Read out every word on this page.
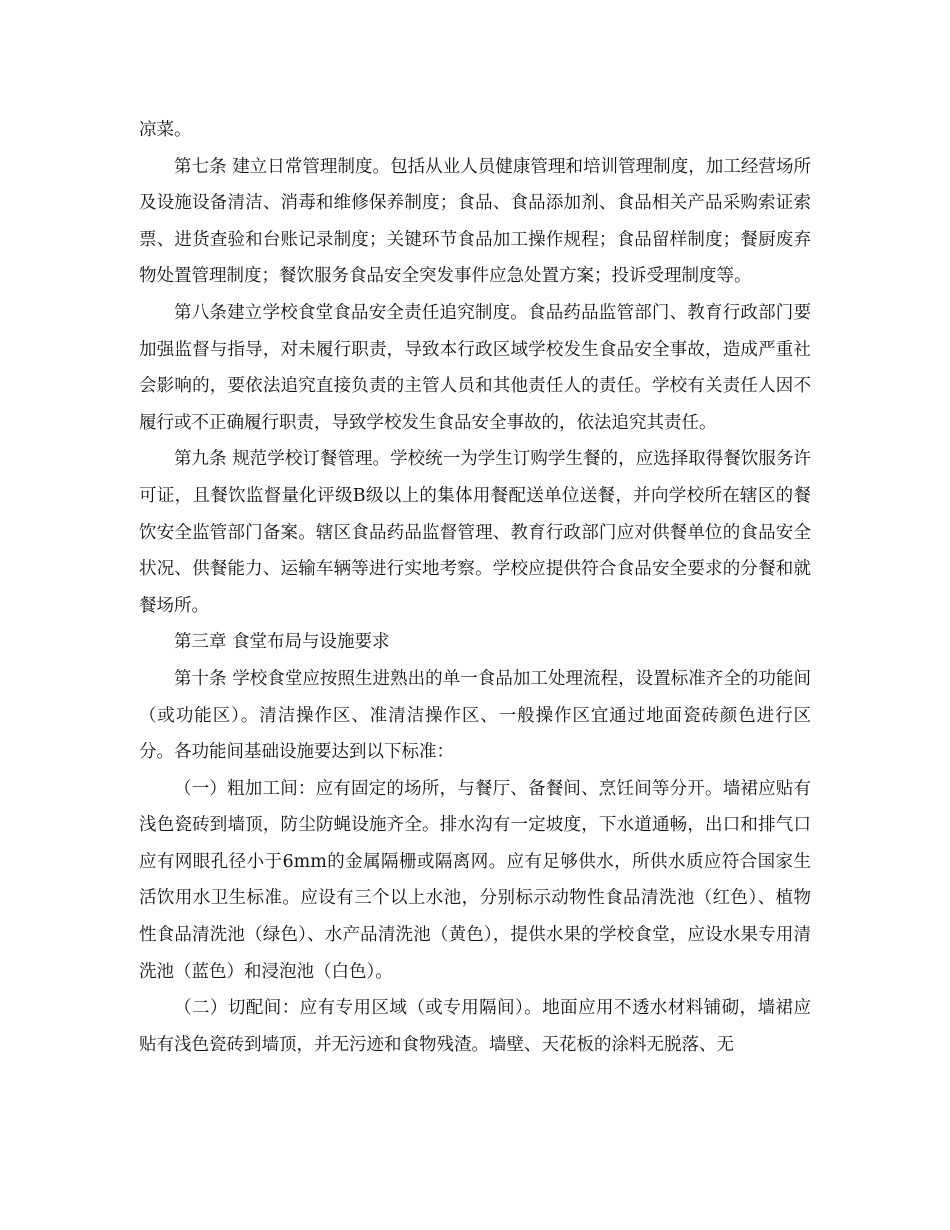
凉菜。

第七条 建立日常管理制度。包括从业人员健康管理和培训管理制度，加工经营场所及设施设备清洁、消毒和维修保养制度；食品、食品添加剂、食品相关产品采购索证索票、进货查验和台账记录制度；关键环节食品加工操作规程；食品留样制度；餐厨废弃物处置管理制度；餐饮服务食品安全突发事件应急处置方案；投诉受理制度等。

第八条建立学校食堂食品安全责任追究制度。食品药品监管部门、教育行政部门要加强监督与指导，对未履行职责，导致本行政区域学校发生食品安全事故，造成严重社会影响的，要依法追究直接负责的主管人员和其他责任人的责任。学校有关责任人因不履行或不正确履行职责，导致学校发生食品安全事故的，依法追究其责任。

第九条 规范学校订餐管理。学校统一为学生订购学生餐的，应选择取得餐饮服务许可证，且餐饮监督量化评级B级以上的集体用餐配送单位送餐，并向学校所在辖区的餐饮安全监管部门备案。辖区食品药品监督管理、教育行政部门应对供餐单位的食品安全状况、供餐能力、运输车辆等进行实地考察。学校应提供符合食品安全要求的分餐和就餐场所。

第三章 食堂布局与设施要求

第十条 学校食堂应按照生进熟出的单一食品加工处理流程，设置标准齐全的功能间（或功能区）。清洁操作区、准清洁操作区、一般操作区宜通过地面瓷砖颜色进行区分。各功能间基础设施要达到以下标准：

（一）粗加工间：应有固定的场所，与餐厅、备餐间、烹饪间等分开。墙裙应贴有浅色瓷砖到墙顶，防尘防蝇设施齐全。排水沟有一定坡度，下水道通畅，出口和排气口应有网眼孔径小于6mm的金属隔栅或隔离网。应有足够供水，所供水质应符合国家生活饮用水卫生标准。应设有三个以上水池，分别标示动物性食品清洗池（红色）、植物性食品清洗池（绿色）、水产品清洗池（黄色），提供水果的学校食堂，应设水果专用清洗池（蓝色）和浸泡池（白色）。

（二）切配间：应有专用区域（或专用隔间）。地面应用不透水材料铺砌，墙裙应贴有浅色瓷砖到墙顶，并无污迹和食物残渣。墙壁、天花板的涂料无脱落、无
